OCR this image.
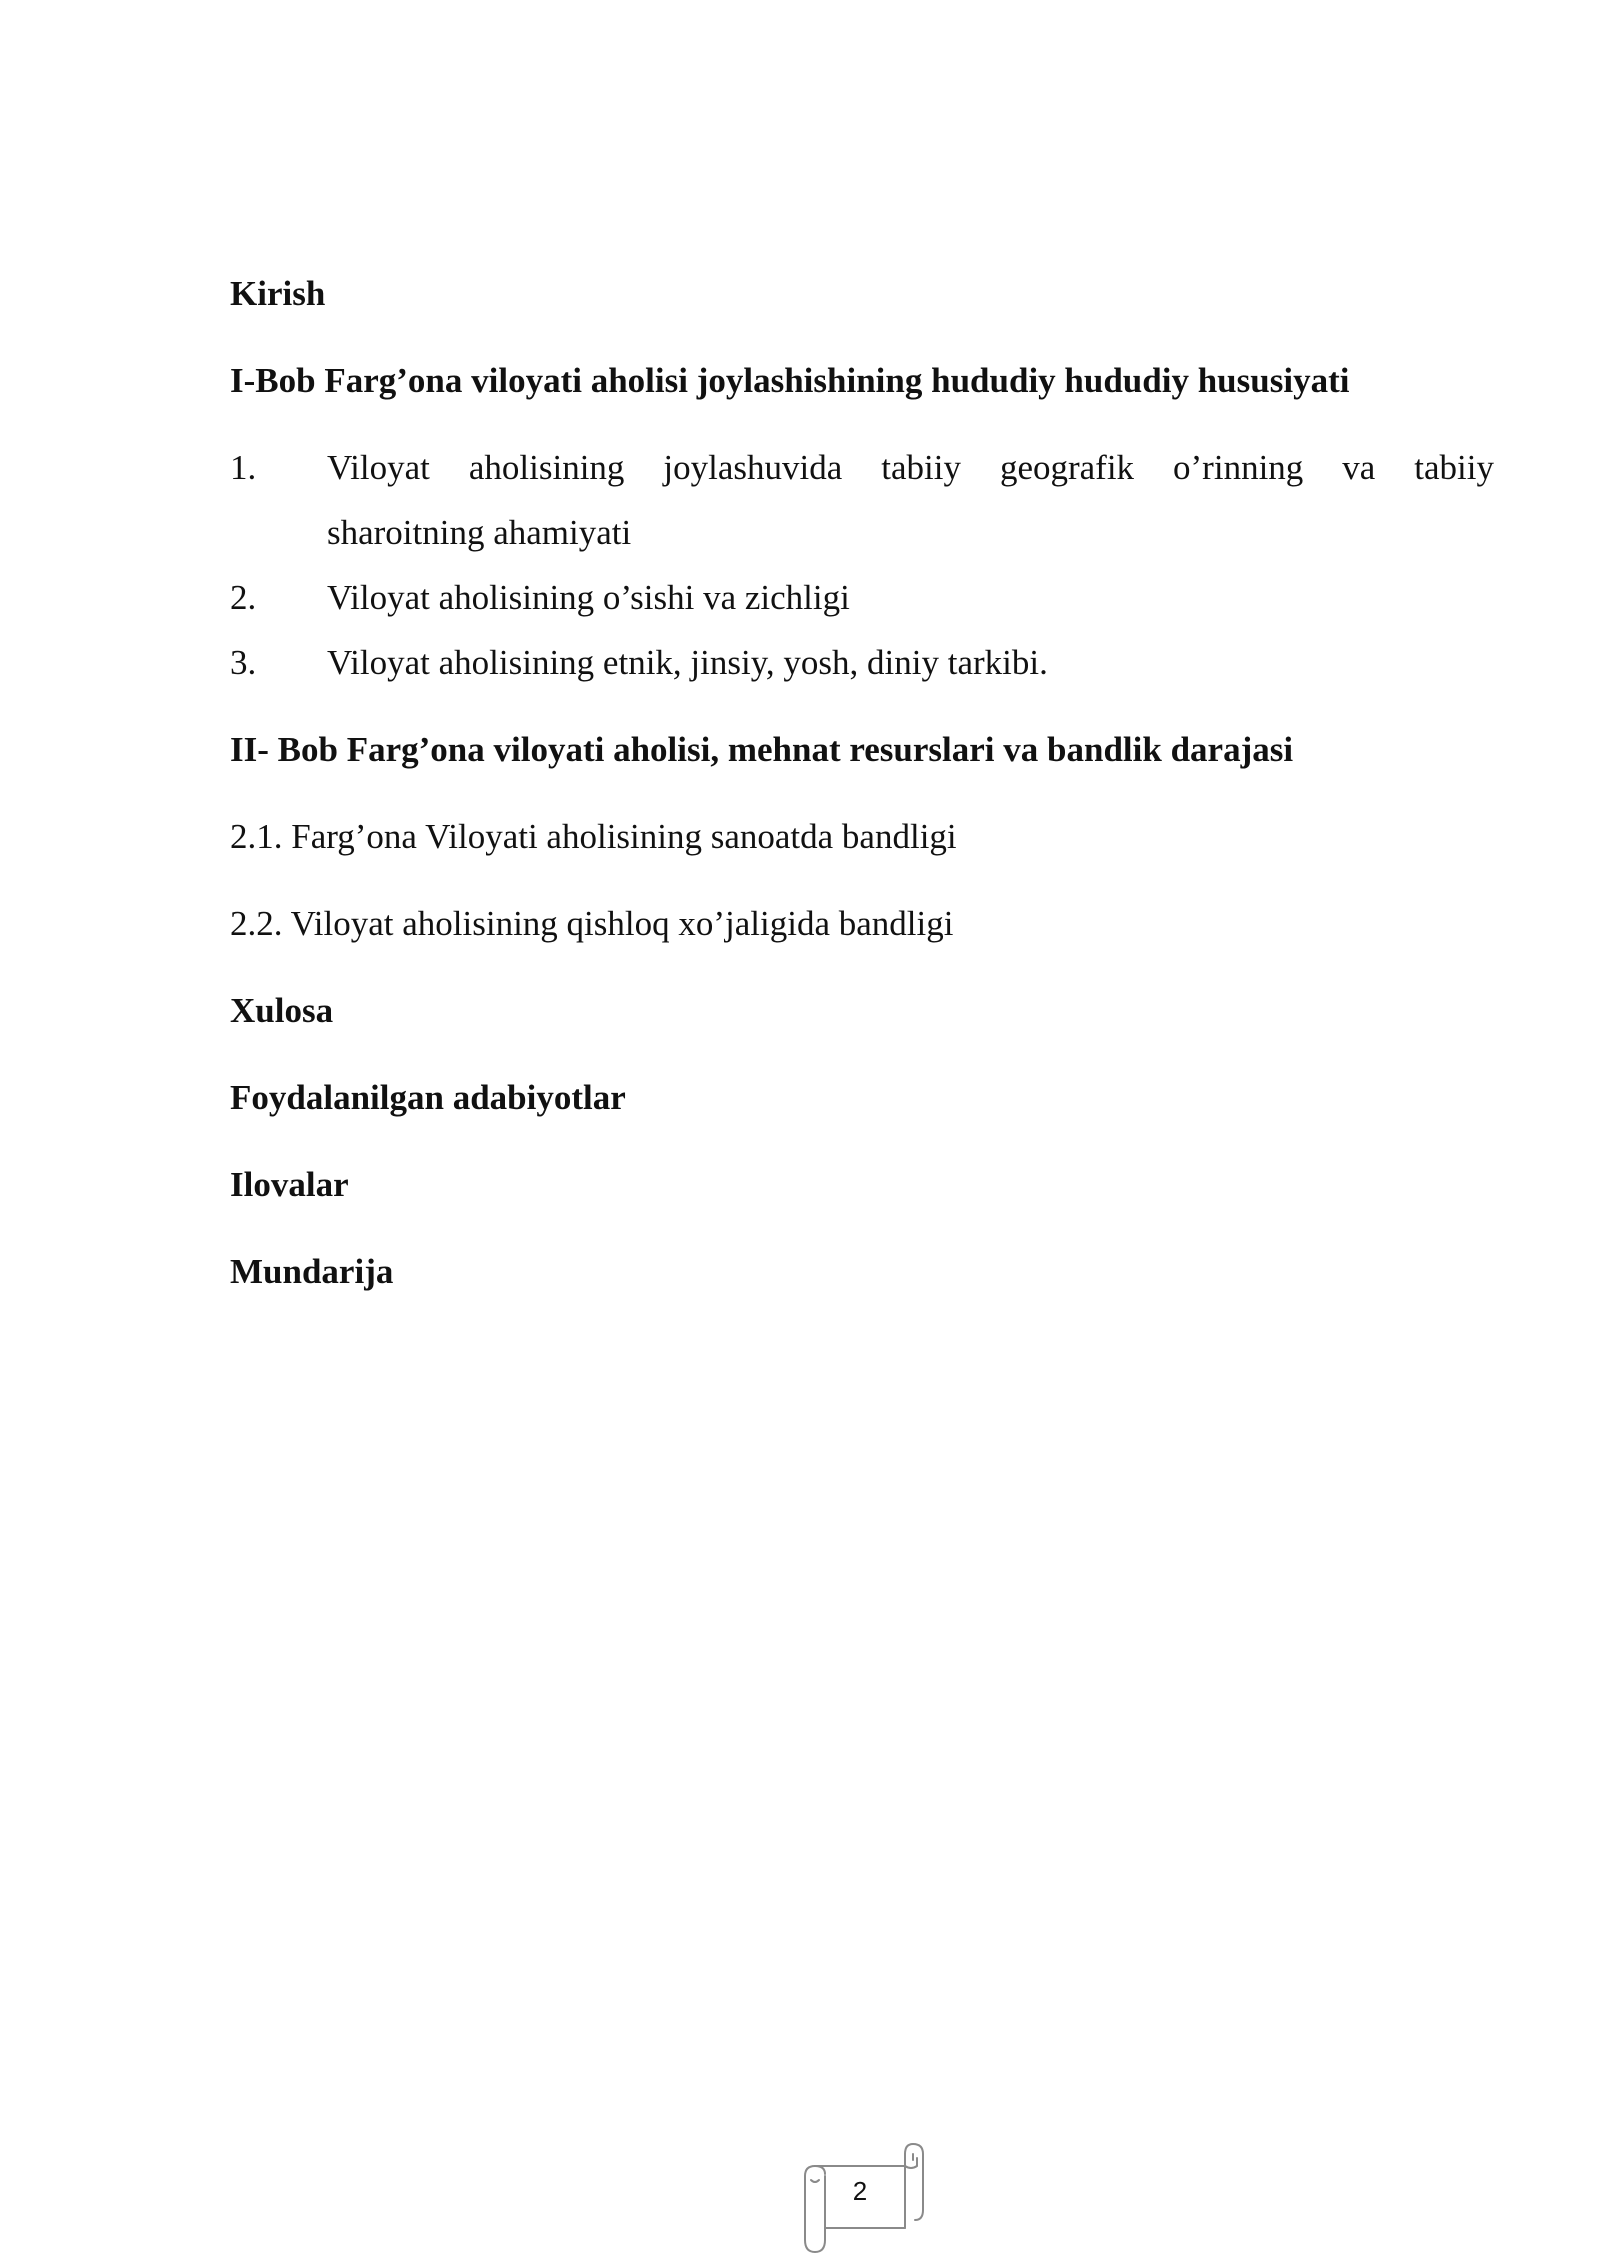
Kirish
I-Bob Farg’ona viloyati aholisi joylashishining hududiy hududiy hususiyati
1. Viloyat aholisining joylashuvida tabiiy geografik o’rinning va tabiiy
sharoitning ahamiyati
2. Viloyat aholisining o’sishi va zichligi
3. Viloyat aholisining etnik, jinsiy, yosh, diniy tarkibi.
II- Bob Farg’ona viloyati aholisi, mehnat resurslari va bandlik darajasi
2.1. Farg’ona Viloyati aholisining sanoatda bandligi
2.2. Viloyat aholisining qishloq xo’jaligida bandligi
Xulosa
Foydalanilgan adabiyotlar
Ilovalar
Mundarija
2
